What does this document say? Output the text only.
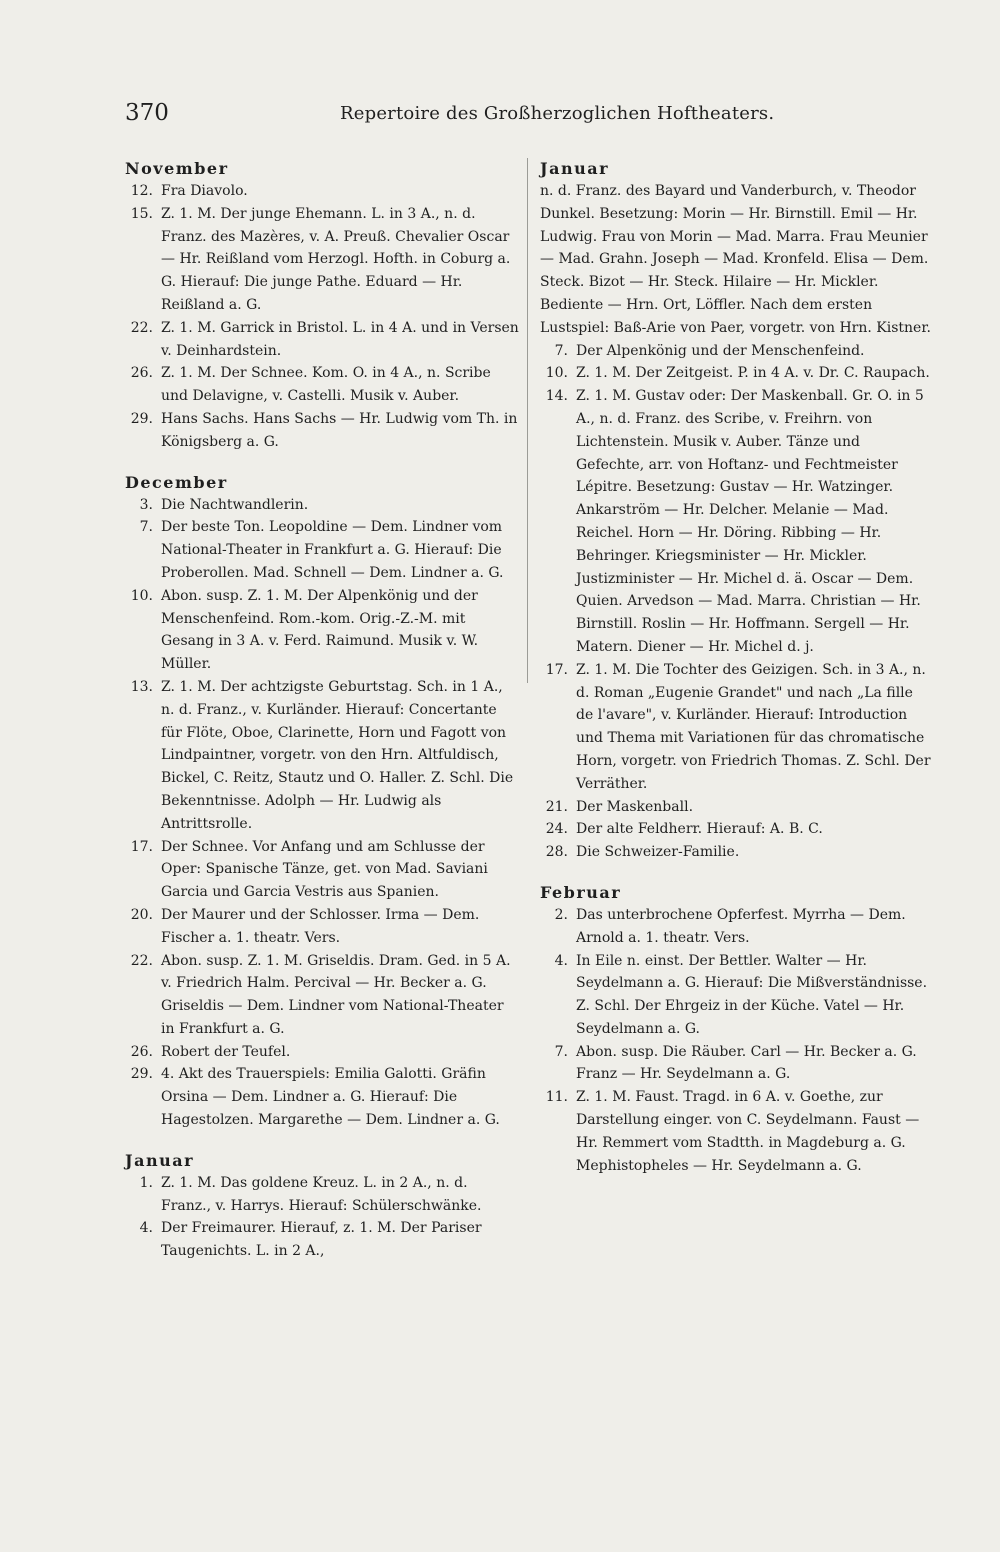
370	Repertoire des Großherzoglichen Hoftheaters.
November
12. Fra Diavolo.
15. Z. 1. M. Der junge Ehemann. L. in 3 A., n. d. Franz. des Mazères, v. A. Preuß. Chevalier Oscar — Hr. Reißland vom Herzogl. Hofth. in Coburg a. G. Hierauf: Die junge Pathe. Eduard — Hr. Reißland a. G.
22. Z. 1. M. Garrick in Bristol. L. in 4 A. und in Versen v. Deinhardstein.
26. Z. 1. M. Der Schnee. Kom. O. in 4 A., n. Scribe und Delavigne, v. Castelli. Musik v. Auber.
29. Hans Sachs. Hans Sachs — Hr. Ludwig vom Th. in Königsberg a. G.
December
3. Die Nachtwandlerin.
7. Der beste Ton. Leopoldine — Dem. Lindner vom National-Theater in Frankfurt a. G. Hierauf: Die Proberollen. Mad. Schnell — Dem. Lindner a. G.
10. Abon. susp. Z. 1. M. Der Alpenkönig und der Menschenfeind. Rom.-kom. Orig.-Z.-M. mit Gesang in 3 A. v. Ferd. Raimund. Musik v. W. Müller.
13. Z. 1. M. Der achtzigste Geburtstag. Sch. in 1 A., n. d. Franz., v. Kurländer. Hierauf: Concertante für Flöte, Oboe, Clarinette, Horn und Fagott von Lindpaintner, vorgetr. von den Hrn. Altfuldisch, Bickel, C. Reitz, Stautz und O. Haller. Z. Schl. Die Bekenntnisse. Adolph — Hr. Ludwig als Antrittsrolle.
17. Der Schnee. Vor Anfang und am Schlusse der Oper: Spanische Tänze, get. von Mad. Saviani Garcia und Garcia Vestris aus Spanien.
20. Der Maurer und der Schlosser. Irma — Dem. Fischer a. 1. theatr. Vers.
22. Abon. susp. Z. 1. M. Griseldis. Dram. Ged. in 5 A. v. Friedrich Halm. Percival — Hr. Becker a. G. Griseldis — Dem. Lindner vom National-Theater in Frankfurt a. G.
26. Robert der Teufel.
29. 4. Akt des Trauerspiels: Emilia Galotti. Gräfin Orsina — Dem. Lindner a. G. Hierauf: Die Hagestolzen. Margarethe — Dem. Lindner a. G.
Januar
1. Z. 1. M. Das goldene Kreuz. L. in 2 A., n. d. Franz., v. Harrys. Hierauf: Schülerschwänke.
4. Der Freimaurer. Hierauf, z. 1. M. Der Pariser Taugenichts. L. in 2 A.,
Januar
n. d. Franz. des Bayard und Vanderburch, v. Theodor Dunkel. Besetzung: Morin — Hr. Birnstill. Emil — Hr. Ludwig. Frau von Morin — Mad. Marra. Frau Meunier — Mad. Grahn. Joseph — Mad. Kronfeld. Elisa — Dem. Steck. Bizot — Hr. Steck. Hilaire — Hr. Mickler. Bediente — Hrn. Ort, Löffler. Nach dem ersten Lustspiel: Baß-Arie von Paer, vorgetr. von Hrn. Kistner.
7. Der Alpenkönig und der Menschenfeind.
10. Z. 1. M. Der Zeitgeist. P. in 4 A. v. Dr. C. Raupach.
14. Z. 1. M. Gustav oder: Der Maskenball. Gr. O. in 5 A., n. d. Franz. des Scribe, v. Freihrn. von Lichtenstein. Musik v. Auber. Tänze und Gefechte, arr. von Hoftanz- und Fechtmeister Lépitre. Besetzung: Gustav — Hr. Watzinger. Ankarström — Hr. Delcher. Melanie — Mad. Reichel. Horn — Hr. Döring. Ribbing — Hr. Behringer. Kriegsminister — Hr. Mickler. Justizminister — Hr. Michel d. ä. Oscar — Dem. Quien. Arvedson — Mad. Marra. Christian — Hr. Birnstill. Roslin — Hr. Hoffmann. Sergell — Hr. Matern. Diener — Hr. Michel d. j.
17. Z. 1. M. Die Tochter des Geizigen. Sch. in 3 A., n. d. Roman „Eugenie Grandet" und nach „La fille de l'avare", v. Kurländer. Hierauf: Introduction und Thema mit Variationen für das chromatische Horn, vorgetr. von Friedrich Thomas. Z. Schl. Der Verräther.
21. Der Maskenball.
24. Der alte Feldherr. Hierauf: A. B. C.
28. Die Schweizer-Familie.
Februar
2. Das unterbrochene Opferfest. Myrrha — Dem. Arnold a. 1. theatr. Vers.
4. In Eile n. einst. Der Bettler. Walter — Hr. Seydelmann a. G. Hierauf: Die Mißverständnisse. Z. Schl. Der Ehrgeiz in der Küche. Vatel — Hr. Seydelmann a. G.
7. Abon. susp. Die Räuber. Carl — Hr. Becker a. G. Franz — Hr. Seydelmann a. G.
11. Z. 1. M. Faust. Tragd. in 6 A. v. Goethe, zur Darstellung einger. von C. Seydelmann. Faust — Hr. Remmert vom Stadtth. in Magdeburg a. G. Mephistopheles — Hr. Seydelmann a. G.
